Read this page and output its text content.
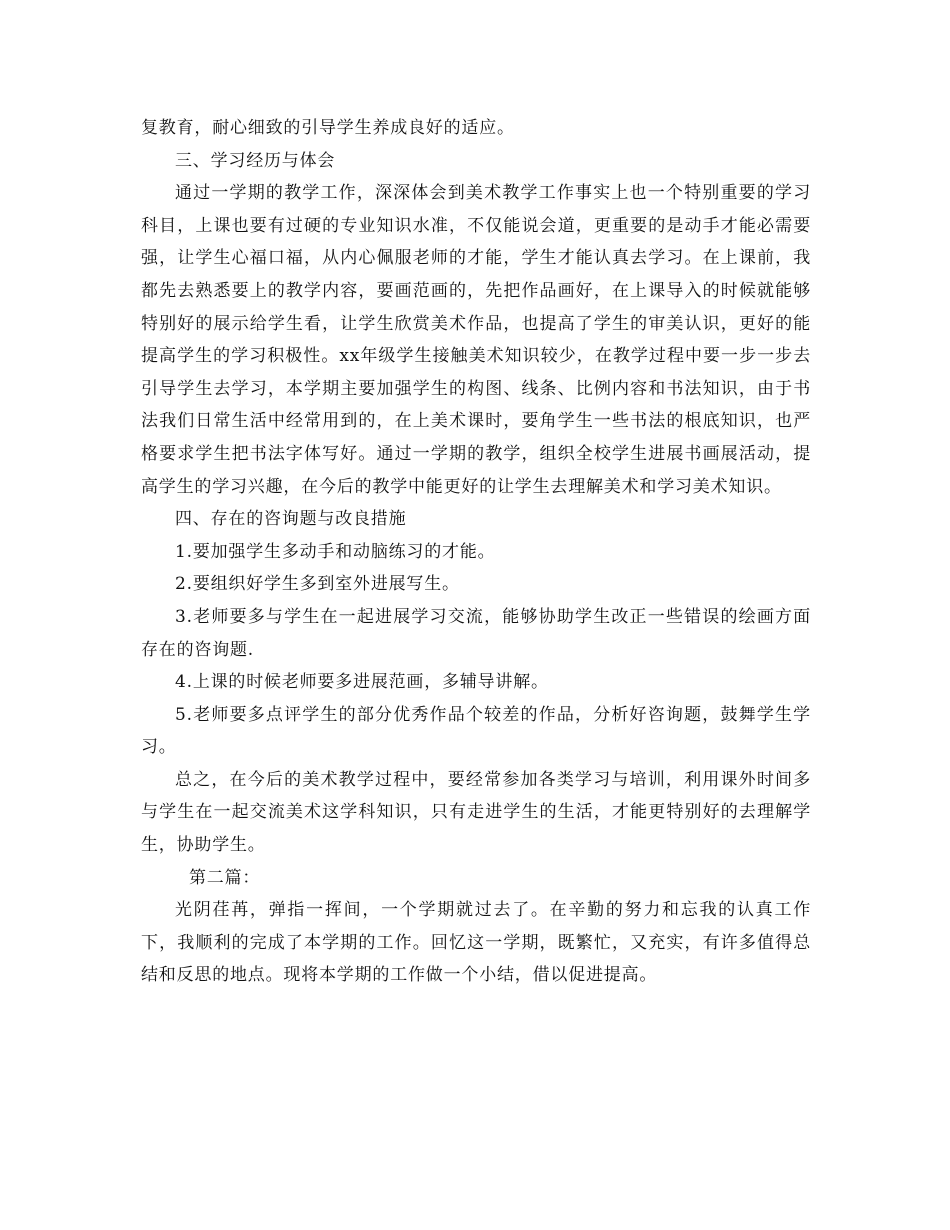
复教育，耐心细致的引导学生养成良好的适应。

三、学习经历与体会

通过一学期的教学工作，深深体会到美术教学工作事实上也一个特别重要的学习科目，上课也要有过硬的专业知识水准，不仅能说会道，更重要的是动手才能必需要强，让学生心福口福，从内心佩服老师的才能，学生才能认真去学习。在上课前，我都先去熟悉要上的教学内容，要画范画的，先把作品画好，在上课导入的时候就能够特别好的展示给学生看，让学生欣赏美术作品，也提高了学生的审美认识，更好的能提高学生的学习积极性。xx年级学生接触美术知识较少，在教学过程中要一步一步去引导学生去学习，本学期主要加强学生的构图、线条、比例内容和书法知识，由于书法我们日常生活中经常用到的，在上美术课时，要角学生一些书法的根底知识，也严格要求学生把书法字体写好。通过一学期的教学，组织全校学生进展书画展活动，提高学生的学习兴趣，在今后的教学中能更好的让学生去理解美术和学习美术知识。

四、存在的咨询题与改良措施

1.要加强学生多动手和动脑练习的才能。

2.要组织好学生多到室外进展写生。

3.老师要多与学生在一起进展学习交流，能够协助学生改正一些错误的绘画方面存在的咨询题.

4.上课的时候老师要多进展范画，多辅导讲解。

5.老师要多点评学生的部分优秀作品个较差的作品，分析好咨询题，鼓舞学生学习。

总之，在今后的美术教学过程中，要经常参加各类学习与培训，利用课外时间多与学生在一起交流美术这学科知识，只有走进学生的生活，才能更特别好的去理解学生，协助学生。

第二篇：

光阴荏苒，弹指一挥间，一个学期就过去了。在辛勤的努力和忘我的认真工作下，我顺利的完成了本学期的工作。回忆这一学期，既繁忙，又充实，有许多值得总结和反思的地点。现将本学期的工作做一个小结，借以促进提高。
